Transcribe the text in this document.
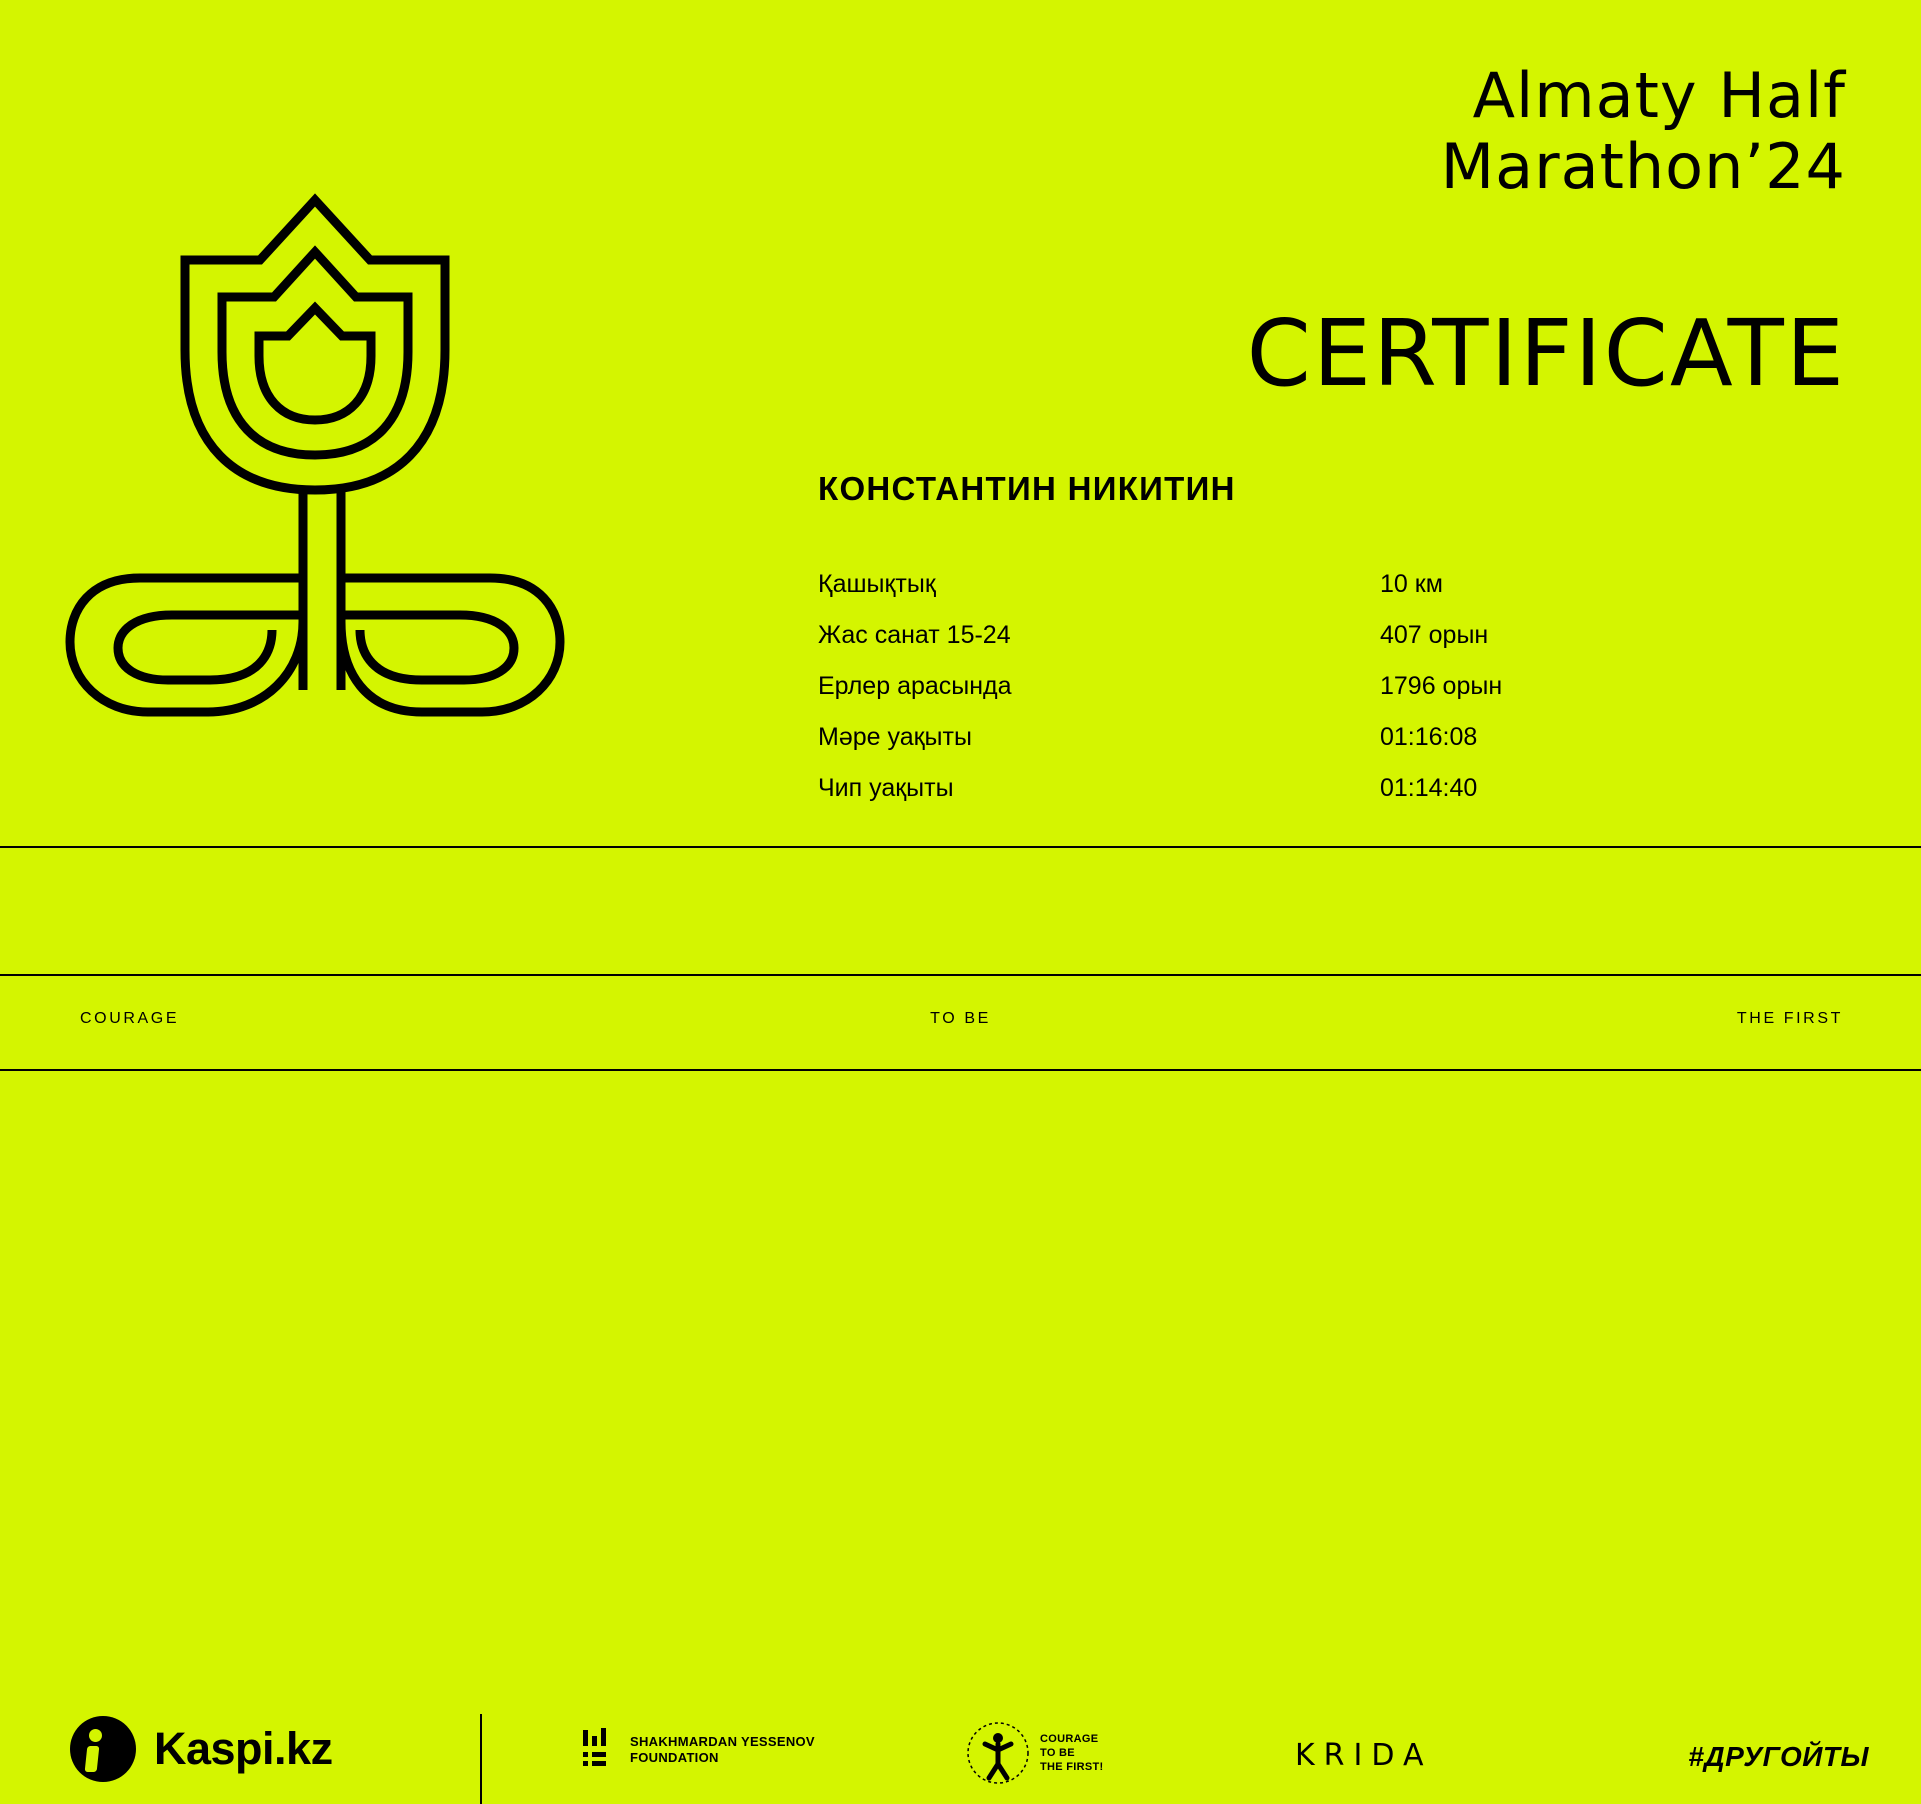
Almaty Half
Marathon’24
CERTIFICATE
КОНСТАНТИН НИКИТИН
Қашықтық	10 км
Жас санат 15-24	407 орын
Ерлер арасында	1796 орын
Мәре уақыты	01:16:08
Чип уақыты	01:14:40
Kaspi.kz	SHAKHMARDAN YESSENOV
FOUNDATION
COURAGE
TO BE
THE FIRST!	KRIDA	#ДРУГОЙТЫ
COURAGE	TO BE	THE FIRST
